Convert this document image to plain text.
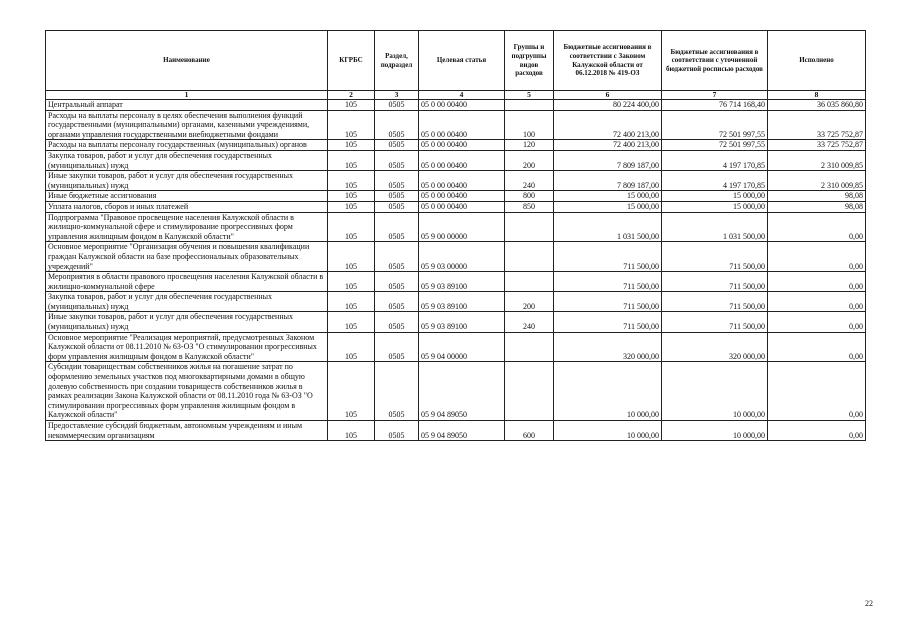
Наименование	КГРБС	Раздел, подраздел	Целевая статья	Группы и подгруппы видов расходов	Бюджетные ассигнования в соответствии с Законом Калужской области от 06.12.2018 № 419-ОЗ	Бюджетные ассигнования в соответствии с уточненной бюджетной росписью расходов	Исполнено
1	2	3	4	5	6	7	8
Центральный аппарат	105	0505	05 0 00 00400		80 224 400,00	76 714 168,40	36 035 860,80
Расходы на выплаты персоналу в целях обеспечения выполнения функций государственными (муниципальными) органами, казенными учреждениями, органами управления государственными внебюджетными фондами	105	0505	05 0 00 00400	100	72 400 213,00	72 501 997,55	33 725 752,87
Расходы на выплаты персоналу государственных (муниципальных) органов	105	0505	05 0 00 00400	120	72 400 213,00	72 501 997,55	33 725 752,87
Закупка товаров, работ и услуг для обеспечения государственных (муниципальных) нужд	105	0505	05 0 00 00400	200	7 809 187,00	4 197 170,85	2 310 009,85
Иные закупки товаров, работ и услуг для обеспечения государственных (муниципальных) нужд	105	0505	05 0 00 00400	240	7 809 187,00	4 197 170,85	2 310 009,85
Иные бюджетные ассигнования	105	0505	05 0 00 00400	800	15 000,00	15 000,00	98,08
Уплата налогов, сборов и иных платежей	105	0505	05 0 00 00400	850	15 000,00	15 000,00	98,08
Подпрограмма "Правовое просвещение населения Калужской области в жилищно-коммунальной сфере и стимулирование прогрессивных форм управления жилищным фондом в Калужской области"	105	0505	05 9 00 00000		1 031 500,00	1 031 500,00	0,00
Основное мероприятие "Организация обучения и повышения квалификации граждан Калужской области на базе профессиональных образовательных учреждений"	105	0505	05 9 03 00000		711 500,00	711 500,00	0,00
Мероприятия в области правового просвещения населения Калужской области в жилищно-коммунальной сфере	105	0505	05 9 03 89100		711 500,00	711 500,00	0,00
Закупка товаров, работ и услуг для обеспечения государственных (муниципальных) нужд	105	0505	05 9 03 89100	200	711 500,00	711 500,00	0,00
Иные закупки товаров, работ и услуг для обеспечения государственных (муниципальных) нужд	105	0505	05 9 03 89100	240	711 500,00	711 500,00	0,00
Основное мероприятие "Реализация мероприятий, предусмотренных Законом Калужской области от 08.11.2010 № 63-ОЗ "О стимулировании прогрессивных форм управления жилищным фондом в Калужской области"	105	0505	05 9 04 00000		320 000,00	320 000,00	0,00
Субсидии товариществам собственников жилья на погашение затрат по оформлению земельных участков под многоквартирными домами в общую долевую собственность при создании товариществ собственников жилья в рамках реализации Закона Калужской области от 08.11.2010 года № 63-ОЗ "О стимулировании прогрессивных форм управления жилищным фондом в Калужской области"	105	0505	05 9 04 89050		10 000,00	10 000,00	0,00
Предоставление субсидий бюджетным, автономным учреждениям и иным некоммерческим организациям	105	0505	05 9 04 89050	600	10 000,00	10 000,00	0,00
22
